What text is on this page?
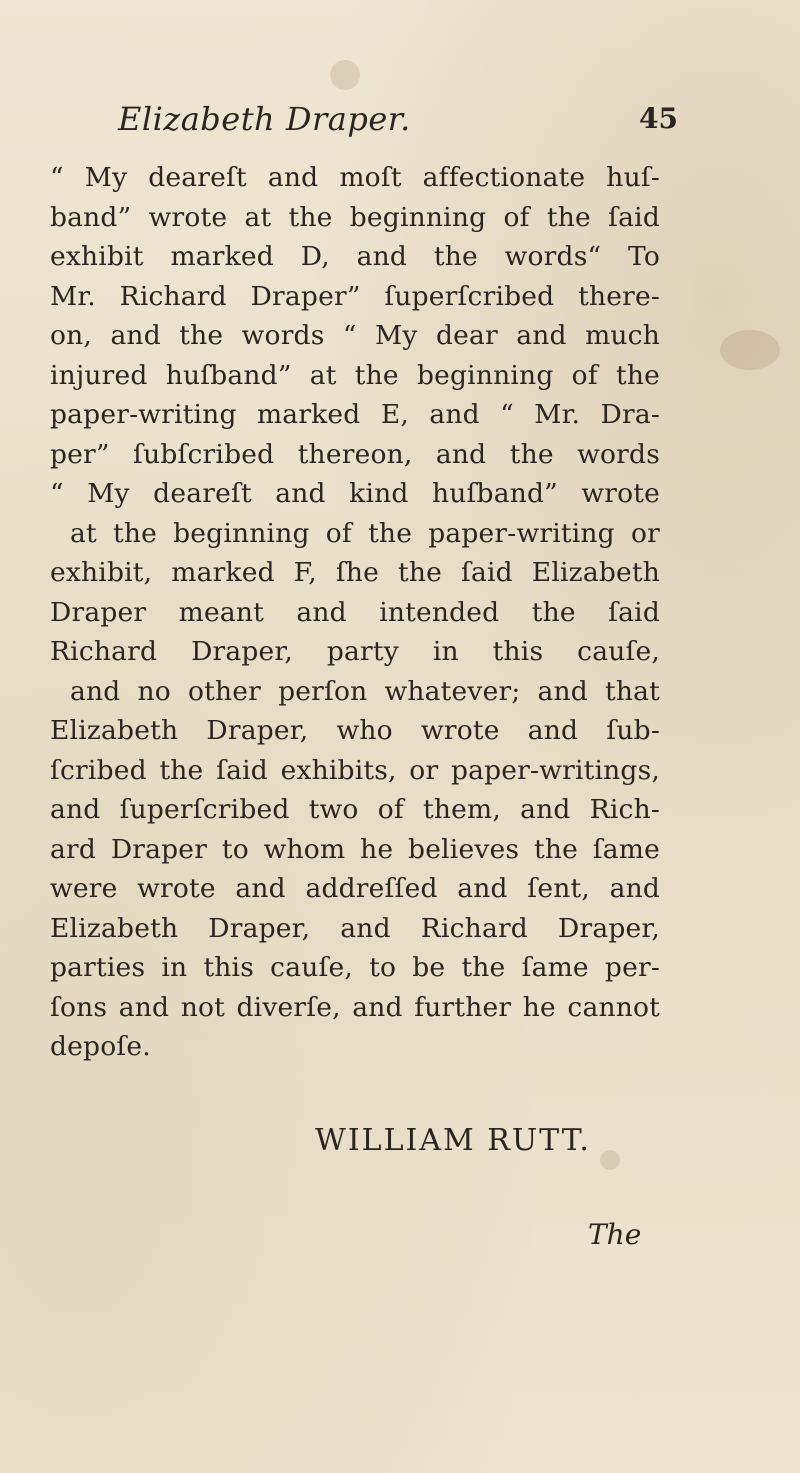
Elizabeth Draper.	45
“ My deareſt and moſt affectionate huſ-
band” wrote at the beginning of the ſaid
exhibit marked D, and the words“ To
Mr. Richard Draper” ſuperſcribed there-
on, and the words “ My dear and much
injured huſband” at the beginning of the
paper-writing marked E, and “ Mr. Dra-
per” ſubſcribed thereon, and the words
“ My deareſt and kind huſband” wrote
at the beginning of the paper-writing or
exhibit, marked F, ſhe the ſaid Elizabeth
Draper meant and intended the ſaid
Richard Draper, party in this cauſe,
and no other perſon whatever; and that
Elizabeth Draper, who wrote and ſub-
ſcribed the ſaid exhibits, or paper-writings,
and ſuperſcribed two of them, and Rich-
ard Draper to whom he believes the ſame
were wrote and addreſſed and ſent, and
Elizabeth Draper, and Richard Draper,
parties in this cauſe, to be the ſame per-
ſons and not diverſe, and further he cannot
depoſe.
WILLIAM RUTT.
The
